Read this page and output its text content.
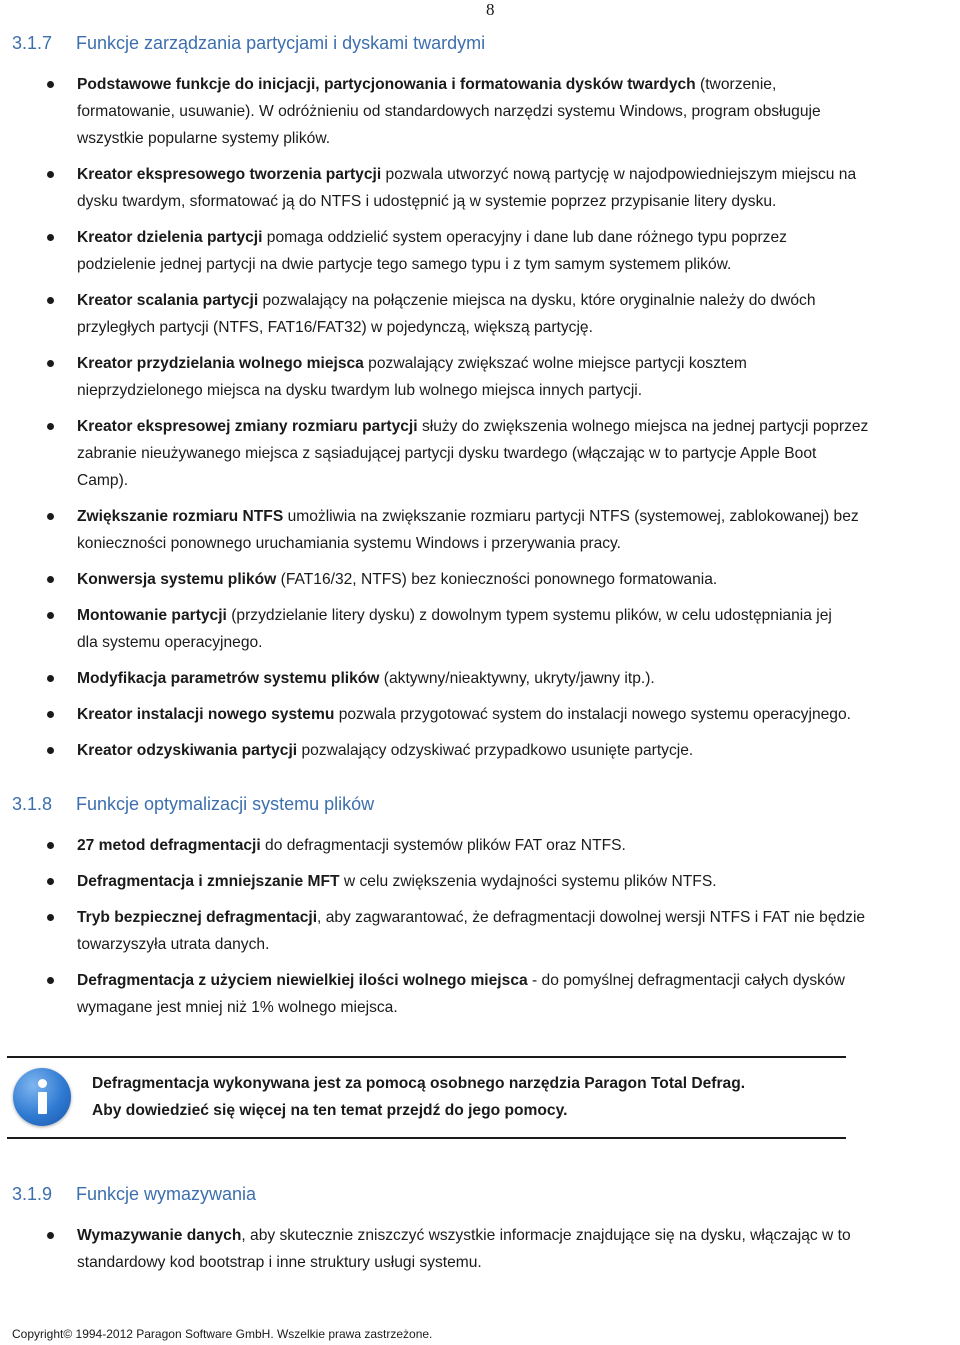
8
3.1.7 Funkcje zarządzania partycjami i dyskami twardymi
Podstawowe funkcje do inicjacji, partycjonowania i formatowania dysków twardych (tworzenie,
formatowanie, usuwanie). W odróżnieniu od standardowych narzędzi systemu Windows, program obsługuje
wszystkie popularne systemy plików.
Kreator ekspresowego tworzenia partycji pozwala utworzyć nową partycję w najodpowiedniejszym miejscu na
dysku twardym, sformatować ją do NTFS i udostępnić ją w systemie poprzez przypisanie litery dysku.
Kreator dzielenia partycji pomaga oddzielić system operacyjny i dane lub dane różnego typu poprzez
podzielenie jednej partycji na dwie partycje tego samego typu i z tym samym systemem plików.
Kreator scalania partycji pozwalający na połączenie miejsca na dysku, które oryginalnie należy do dwóch
przyległych partycji (NTFS, FAT16/FAT32) w pojedynczą, większą partycję.
Kreator przydzielania wolnego miejsca pozwalający zwiększać wolne miejsce partycji kosztem
nieprzydzielonego miejsca na dysku twardym lub wolnego miejsca innych partycji.
Kreator ekspresowej zmiany rozmiaru partycji służy do zwiększenia wolnego miejsca na jednej partycji poprzez
zabranie nieużywanego miejsca z sąsiadującej partycji dysku twardego (włączając w to partycje Apple Boot
Camp).
Zwiększanie rozmiaru NTFS umożliwia na zwiększanie rozmiaru partycji NTFS (systemowej, zablokowanej) bez
konieczności ponownego uruchamiania systemu Windows i przerywania pracy.
Konwersja systemu plików (FAT16/32, NTFS) bez konieczności ponownego formatowania.
Montowanie partycji (przydzielanie litery dysku) z dowolnym typem systemu plików, w celu udostępniania jej
dla systemu operacyjnego.
Modyfikacja parametrów systemu plików (aktywny/nieaktywny, ukryty/jawny itp.).
Kreator instalacji nowego systemu pozwala przygotować system do instalacji nowego systemu operacyjnego.
Kreator odzyskiwania partycji pozwalający odzyskiwać przypadkowo usunięte partycje.
3.1.8 Funkcje optymalizacji systemu plików
27 metod defragmentacji do defragmentacji systemów plików FAT oraz NTFS.
Defragmentacja i zmniejszanie MFT w celu zwiększenia wydajności systemu plików NTFS.
Tryb bezpiecznej defragmentacji, aby zagwarantować, że defragmentacji dowolnej wersji NTFS i FAT nie będzie
towarzyszyła utrata danych.
Defragmentacja z użyciem niewielkiej ilości wolnego miejsca - do pomyślnej defragmentacji całych dysków
wymagane jest mniej niż 1% wolnego miejsca.
Defragmentacja wykonywana jest za pomocą osobnego narzędzia Paragon Total Defrag.
Aby dowiedzieć się więcej na ten temat przejdź do jego pomocy.
3.1.9 Funkcje wymazywania
Wymazywanie danych, aby skutecznie zniszczyć wszystkie informacje znajdujące się na dysku, włączając w to
standardowy kod bootstrap i inne struktury usługi systemu.
Copyright© 1994-2012 Paragon Software GmbH. Wszelkie prawa zastrzeżone.
